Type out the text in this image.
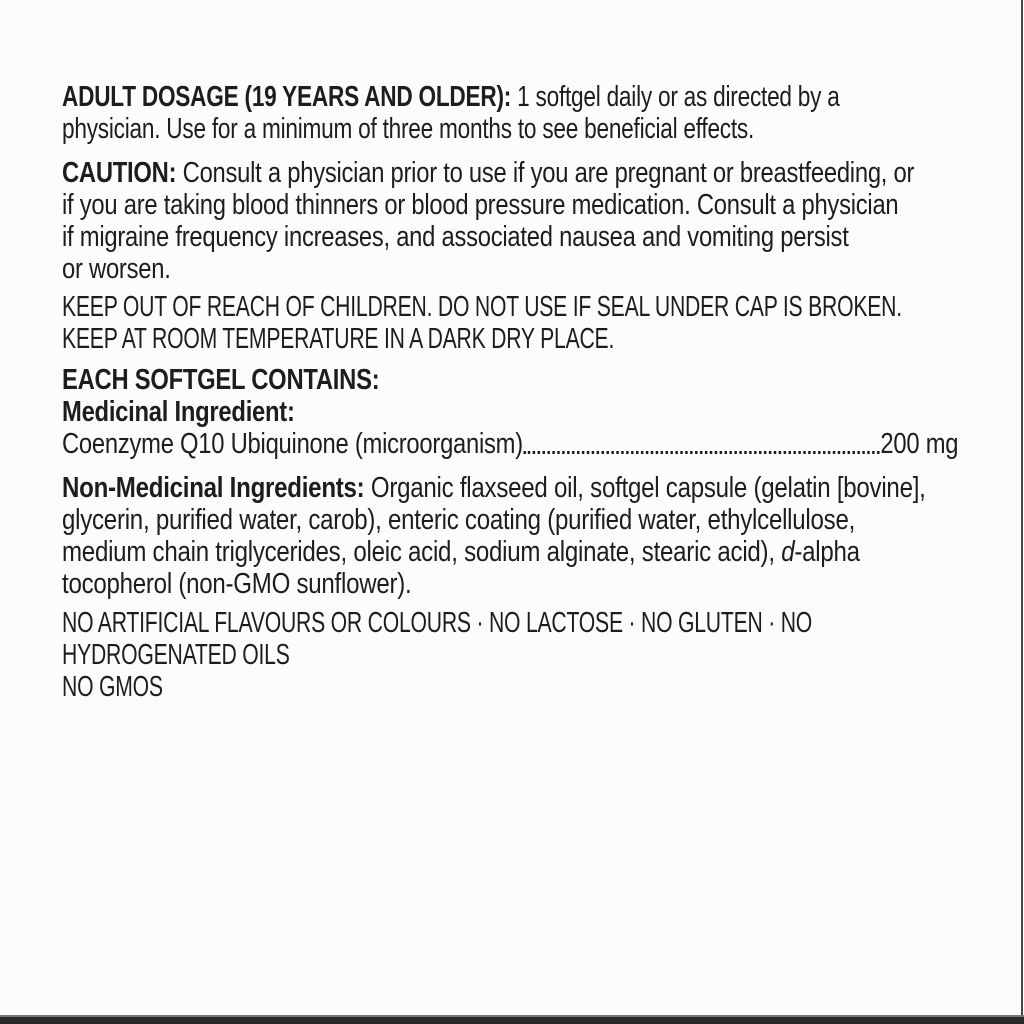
ADULT DOSAGE (19 YEARS AND OLDER): 1 softgel daily or as directed by a
physician. Use for a minimum of three months to see beneficial effects.
CAUTION: Consult a physician prior to use if you are pregnant or breastfeeding, or
if you are taking blood thinners or blood pressure medication. Consult a physician
if migraine frequency increases, and associated nausea and vomiting persist
or worsen.
KEEP OUT OF REACH OF CHILDREN. DO NOT USE IF SEAL UNDER CAP IS BROKEN.
KEEP AT ROOM TEMPERATURE IN A DARK DRY PLACE.
EACH SOFTGEL CONTAINS:
Medicinal Ingredient:
Coenzyme Q10 Ubiquinone (microorganism)	200 mg
Non-Medicinal Ingredients: Organic flaxseed oil, softgel capsule (gelatin [bovine],
glycerin, purified water, carob), enteric coating (purified water, ethylcellulose,
medium chain triglycerides, oleic acid, sodium alginate, stearic acid), d-alpha
tocopherol (non-GMO sunflower).
NO ARTIFICIAL FLAVOURS OR COLOURS · NO LACTOSE · NO GLUTEN · NO
HYDROGENATED OILS
NO GMOS
